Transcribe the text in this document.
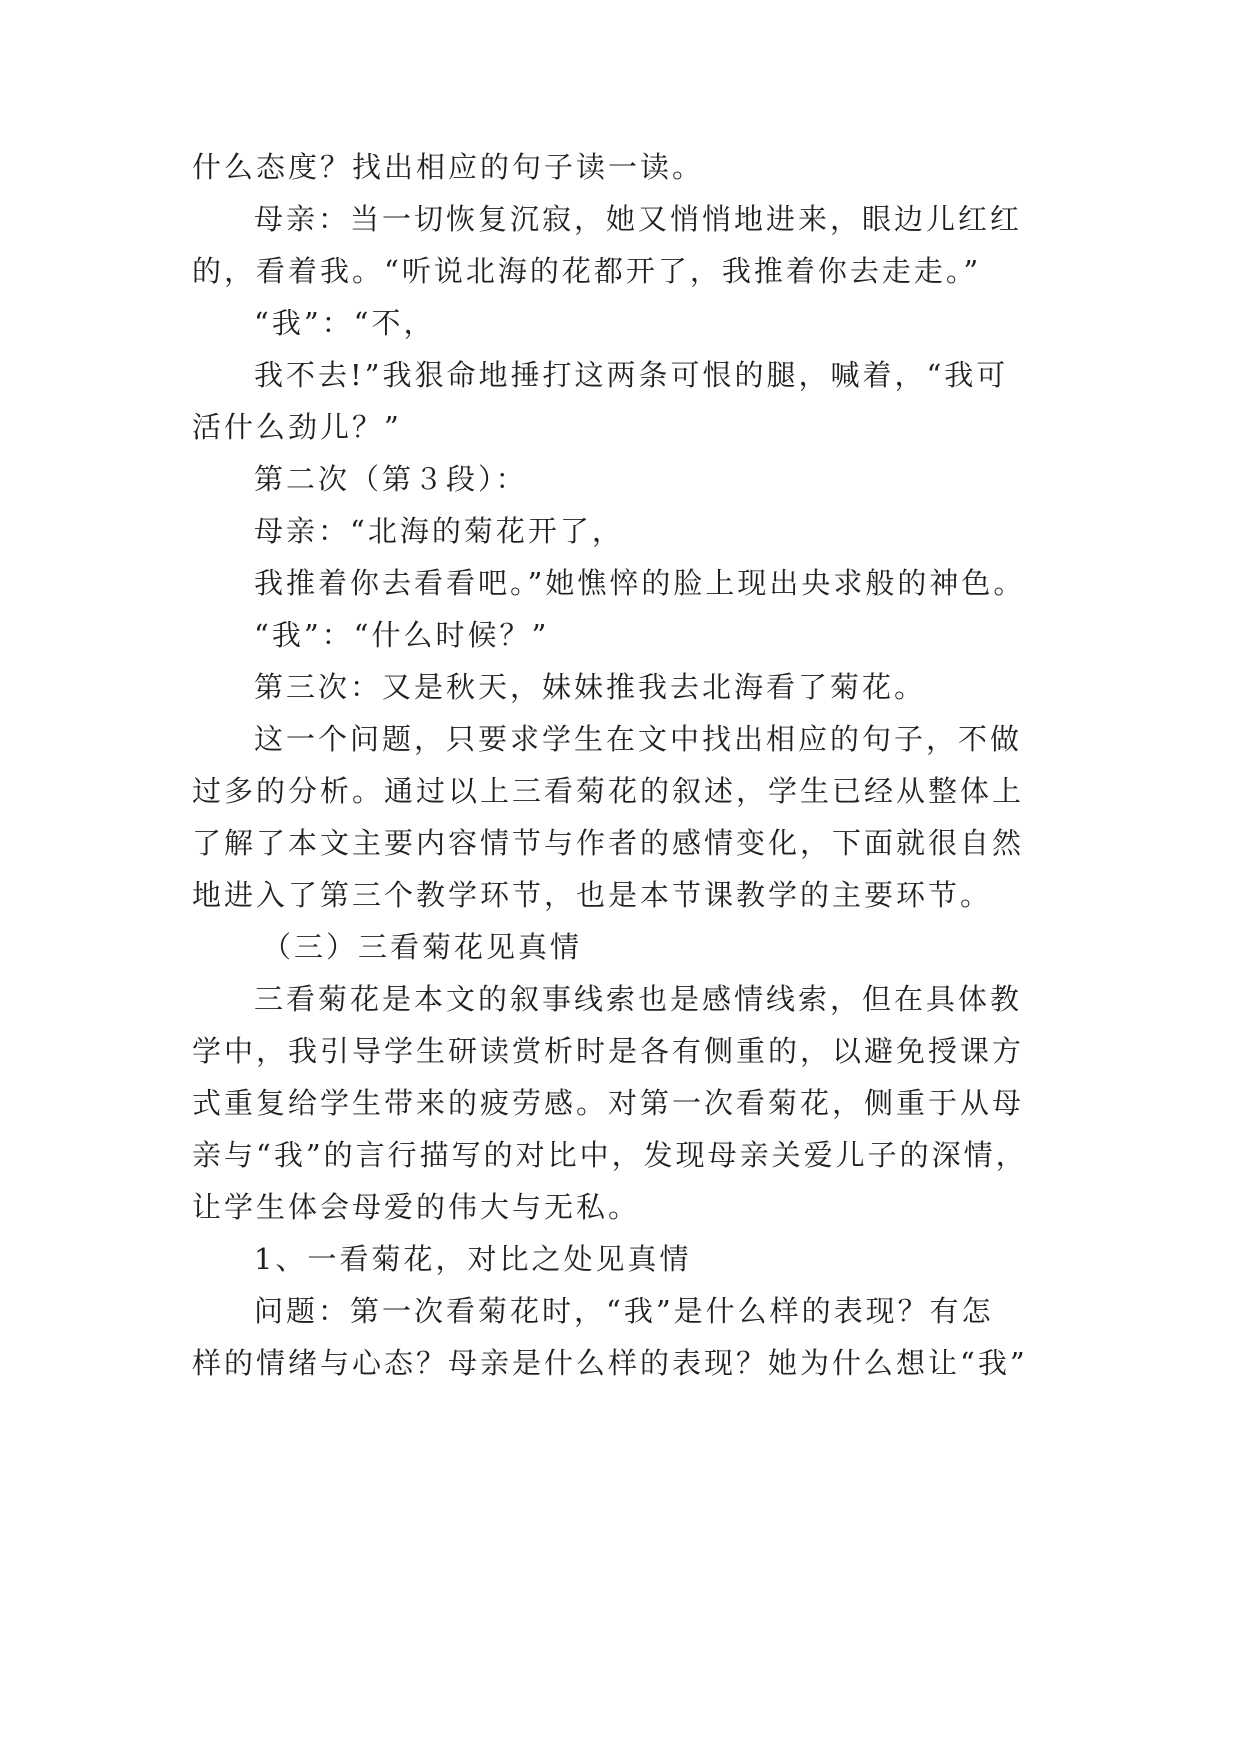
什么态度？找出相应的句子读一读。
母亲：当一切恢复沉寂，她又悄悄地进来，眼边儿红红
的，看着我。“听说北海的花都开了，我推着你去走走。”
“我”：“不，
我不去!”我狠命地捶打这两条可恨的腿，喊着，“我可
活什么劲儿？”
第二次（第３段）：
母亲：“北海的菊花开了，
我推着你去看看吧。”她憔悴的脸上现出央求般的神色。
“我”：“什么时候？”
第三次：又是秋天，妹妹推我去北海看了菊花。
这一个问题，只要求学生在文中找出相应的句子，不做
过多的分析。通过以上三看菊花的叙述，学生已经从整体上
了解了本文主要内容情节与作者的感情变化，下面就很自然
地进入了第三个教学环节，也是本节课教学的主要环节。
（三）三看菊花见真情
三看菊花是本文的叙事线索也是感情线索，但在具体教
学中，我引导学生研读赏析时是各有侧重的，以避免授课方
式重复给学生带来的疲劳感。对第一次看菊花，侧重于从母
亲与“我”的言行描写的对比中，发现母亲关爱儿子的深情，
让学生体会母爱的伟大与无私。
1、一看菊花，对比之处见真情
问题：第一次看菊花时，“我”是什么样的表现？有怎
样的情绪与心态？母亲是什么样的表现？她为什么想让“我”
